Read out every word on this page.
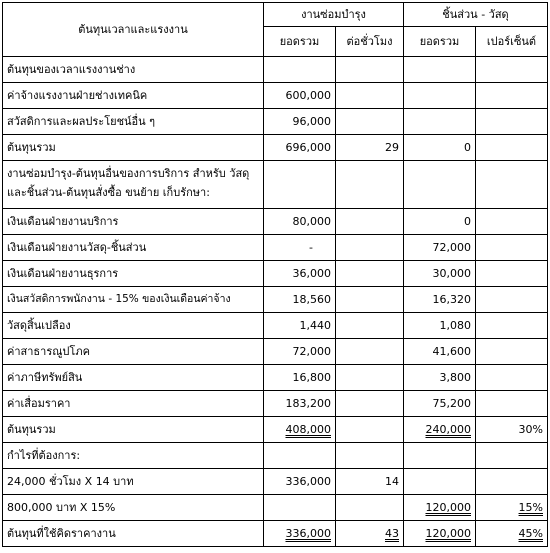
ต้นทุนเวลาและแรงงาน	งานซ่อมบำรุง		ชิ้นส่วน - วัสดุ	
	ยอดรวม	ต่อชั่วโมง	ยอดรวม	เปอร์เซ็นต์
ต้นทุนของเวลาแรงงานช่าง				
ค่าจ้างแรงงานฝ่ายช่างเทคนิค	600,000			
สวัสดิการและผลประโยชน์อื่น ๆ	96,000			
ต้นทุนรวม	696,000	29	0	
งานซ่อมบำรุง-ต้นทุนอื่นของการบริการ สำหรับ วัสดุและชิ้นส่วน-ต้นทุนสั่งซื้อ ขนย้าย เก็บรักษา:				
เงินเดือนฝ่ายงานบริการ	80,000		0	
เงินเดือนฝ่ายงานวัสดุ-ชิ้นส่วน	-		72,000	
เงินเดือนฝ่ายงานธุรการ	36,000		30,000	
เงินสวัสดิการพนักงาน - 15% ของเงินเดือนค่าจ้าง	18,560		16,320	
วัสดุสิ้นเปลือง	1,440		1,080	
ค่าสาธารณูปโภค	72,000		41,600	
ค่าภาษีทรัพย์สิน	16,800		3,800	
ค่าเสื่อมราคา	183,200		75,200	
ต้นทุนรวม	408,000		240,000	30%
กำไรที่ต้องการ:				
24,000 ชั่วโมง X 14 บาท	336,000	14		
800,000 บาท X 15%			120,000	15%
ต้นทุนที่ใช้คิดราคางาน	336,000	43	120,000	45%
